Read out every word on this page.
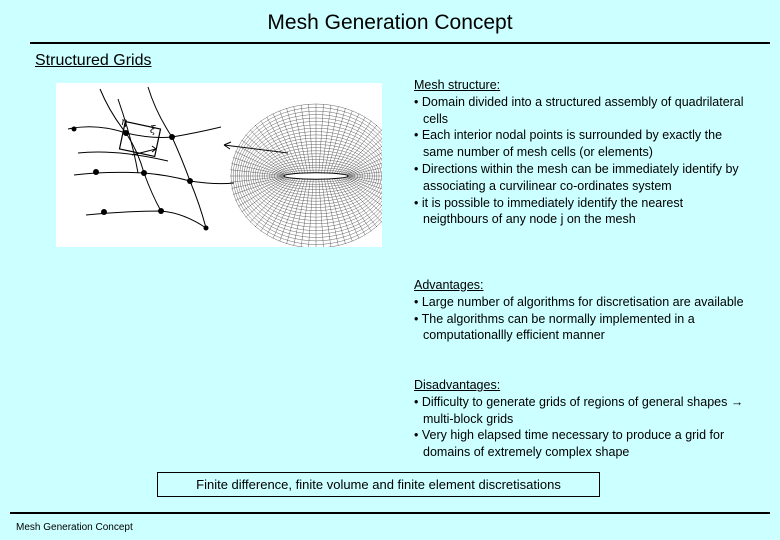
Mesh Generation Concept
Structured Grids
η
ξ
Mesh structure:
• Domain divided into a structured assembly of quadrilateral cells
• Each interior nodal points is surrounded by exactly the same number of mesh cells (or elements)
• Directions within the mesh can be immediately identify by associating a curvilinear co-ordinates system
• it is possible to immediately identify the nearest neigthbours of any node j on the mesh
Advantages:
• Large number of algorithms for discretisation are available
• The algorithms can be normally implemented in a computationallly efficient manner
Disadvantages:
• Difficulty to generate grids of regions of general shapes → multi-block grids
• Very high elapsed time necessary to produce a grid for domains of extremely complex shape
Finite difference, finite volume and finite element discretisations
Mesh Generation Concept
